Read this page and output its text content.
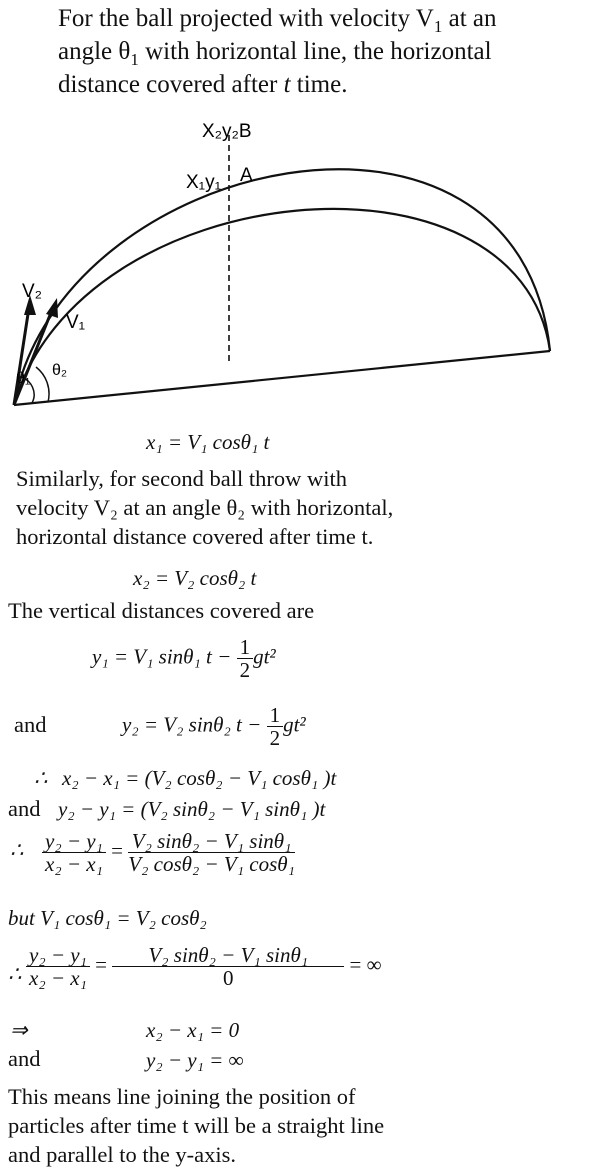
For the ball projected with velocity $V_1$ at an
angle $\theta_1$ with horizontal line, the horizontal
distance covered after t time.
X₂y₂B
X₁y₁ A
V₂
V₁
θ₁ θ₂
x₁ = V₁ cosθ₁ t
Similarly, for second ball throw with
velocity V₂ at an angle θ₂ with horizontal,
horizontal distance covered after time t.
x₂ = V₂ cosθ₂ t
The vertical distances covered are
y₁ = V₁ sinθ₁ $t - \frac{1}{2} gt^2$
and	y₂ = V₂ sinθ₂ $t - \frac{1}{2} gt^2$
∴ x₂ − x₁ = (V₂ cosθ₂ − V₁ cosθ₁ )t
and y₂ − y₁ = (V₂ sinθ₂ − V₁ sinθ₁ )t
∴ $\frac{\text{y₂ − y₁}}{\text{x₂ − x₁}} = \frac{\text{V₂ sinθ₂ − V₁ sinθ₁}}{\text{V₂ cosθ₂ − V₁ cosθ₁}}$
but V₁ cosθ₁ = V₂ cosθ₂
∴ $\frac{\text{y₂ − y₁}}{\text{x₂ − x₁}} = \frac{\text{V₂ sinθ₂ − V₁ sinθ₁}}{0}$ = ∞
⇒	x₂ − x₁ = 0
and	y₂ − y₁ = ∞
This means line joining the position of
particles after time t will be a straight line
and parallel to the y-axis.
